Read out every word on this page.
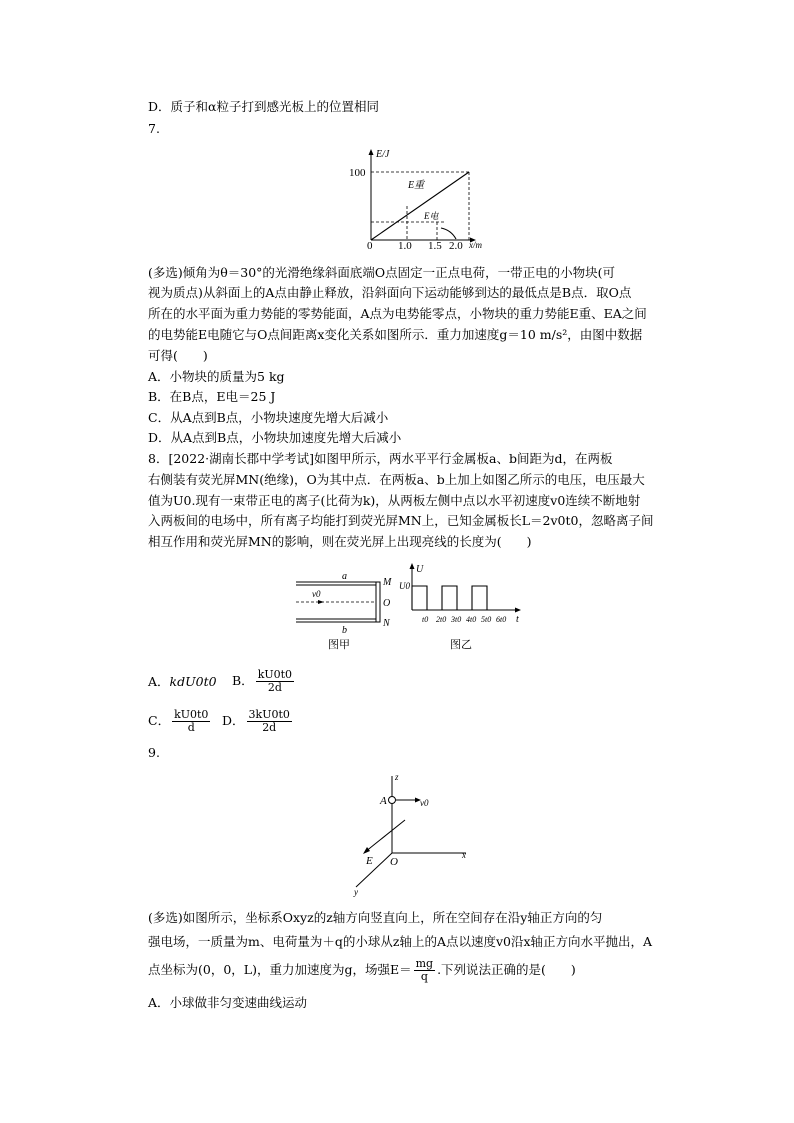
D．质子和α粒子打到感光板上的位置相同
7.
E/J
x/m
100
0 1.0 1.5 2.0
E重
E电
(多选)倾角为θ＝30°的光滑绝缘斜面底端O点固定一正点电荷，一带正电的小物块(可
视为质点)从斜面上的A点由静止释放，沿斜面向下运动能够到达的最低点是B点．取O点
所在的水平面为重力势能的零势能面，A点为电势能零点，小物块的重力势能E重、EA之间
的电势能E电随它与O点间距离x变化关系如图所示．重力加速度g＝10 m/s²，由图中数据
可得(　　)
A．小物块的质量为5 kg
B．在B点，E电＝25 J
C．从A点到B点，小物块速度先增大后减小
D．从A点到B点，小物块加速度先增大后减小
8．[2022·湖南长郡中学考试]如图甲所示，两水平平行金属板a、b间距为d，在两板
右侧装有荧光屏MN(绝缘)，O为其中点．在两板a、b上加上如图乙所示的电压，电压最大
值为U0.现有一束带正电的离子(比荷为k)，从两板左侧中点以水平初速度v0连续不断地射
入两板间的电场中，所有离子均能打到荧光屏MN上，已知金属板长L＝2v0t0，忽略离子间
相互作用和荧光屏MN的影响，则在荧光屏上出现亮线的长度为(　　)
a
b
M
O
N
v0
图甲
U
U0
t
t0 2t0 3t0 4t0 5t0 6t0
图乙
A．kdU0t0 B． $\frac{kU0t0}{2d}$
C． $\frac{kU0t0}{d}$ D． $\frac{3kU0t0}{2d}$
9.
z
x
y
A
O
E
v0
(多选)如图所示，坐标系Oxyz的z轴方向竖直向上，所在空间存在沿y轴正方向的匀
强电场，一质量为m、电荷量为＋q的小球从z轴上的A点以速度v0沿x轴正方向水平抛出，A
点坐标为(0，0，L)，重力加速度为g，场强$E= \frac{mg}{q}$ .下列说法正确的是(　　)
A．小球做非匀变速曲线运动
